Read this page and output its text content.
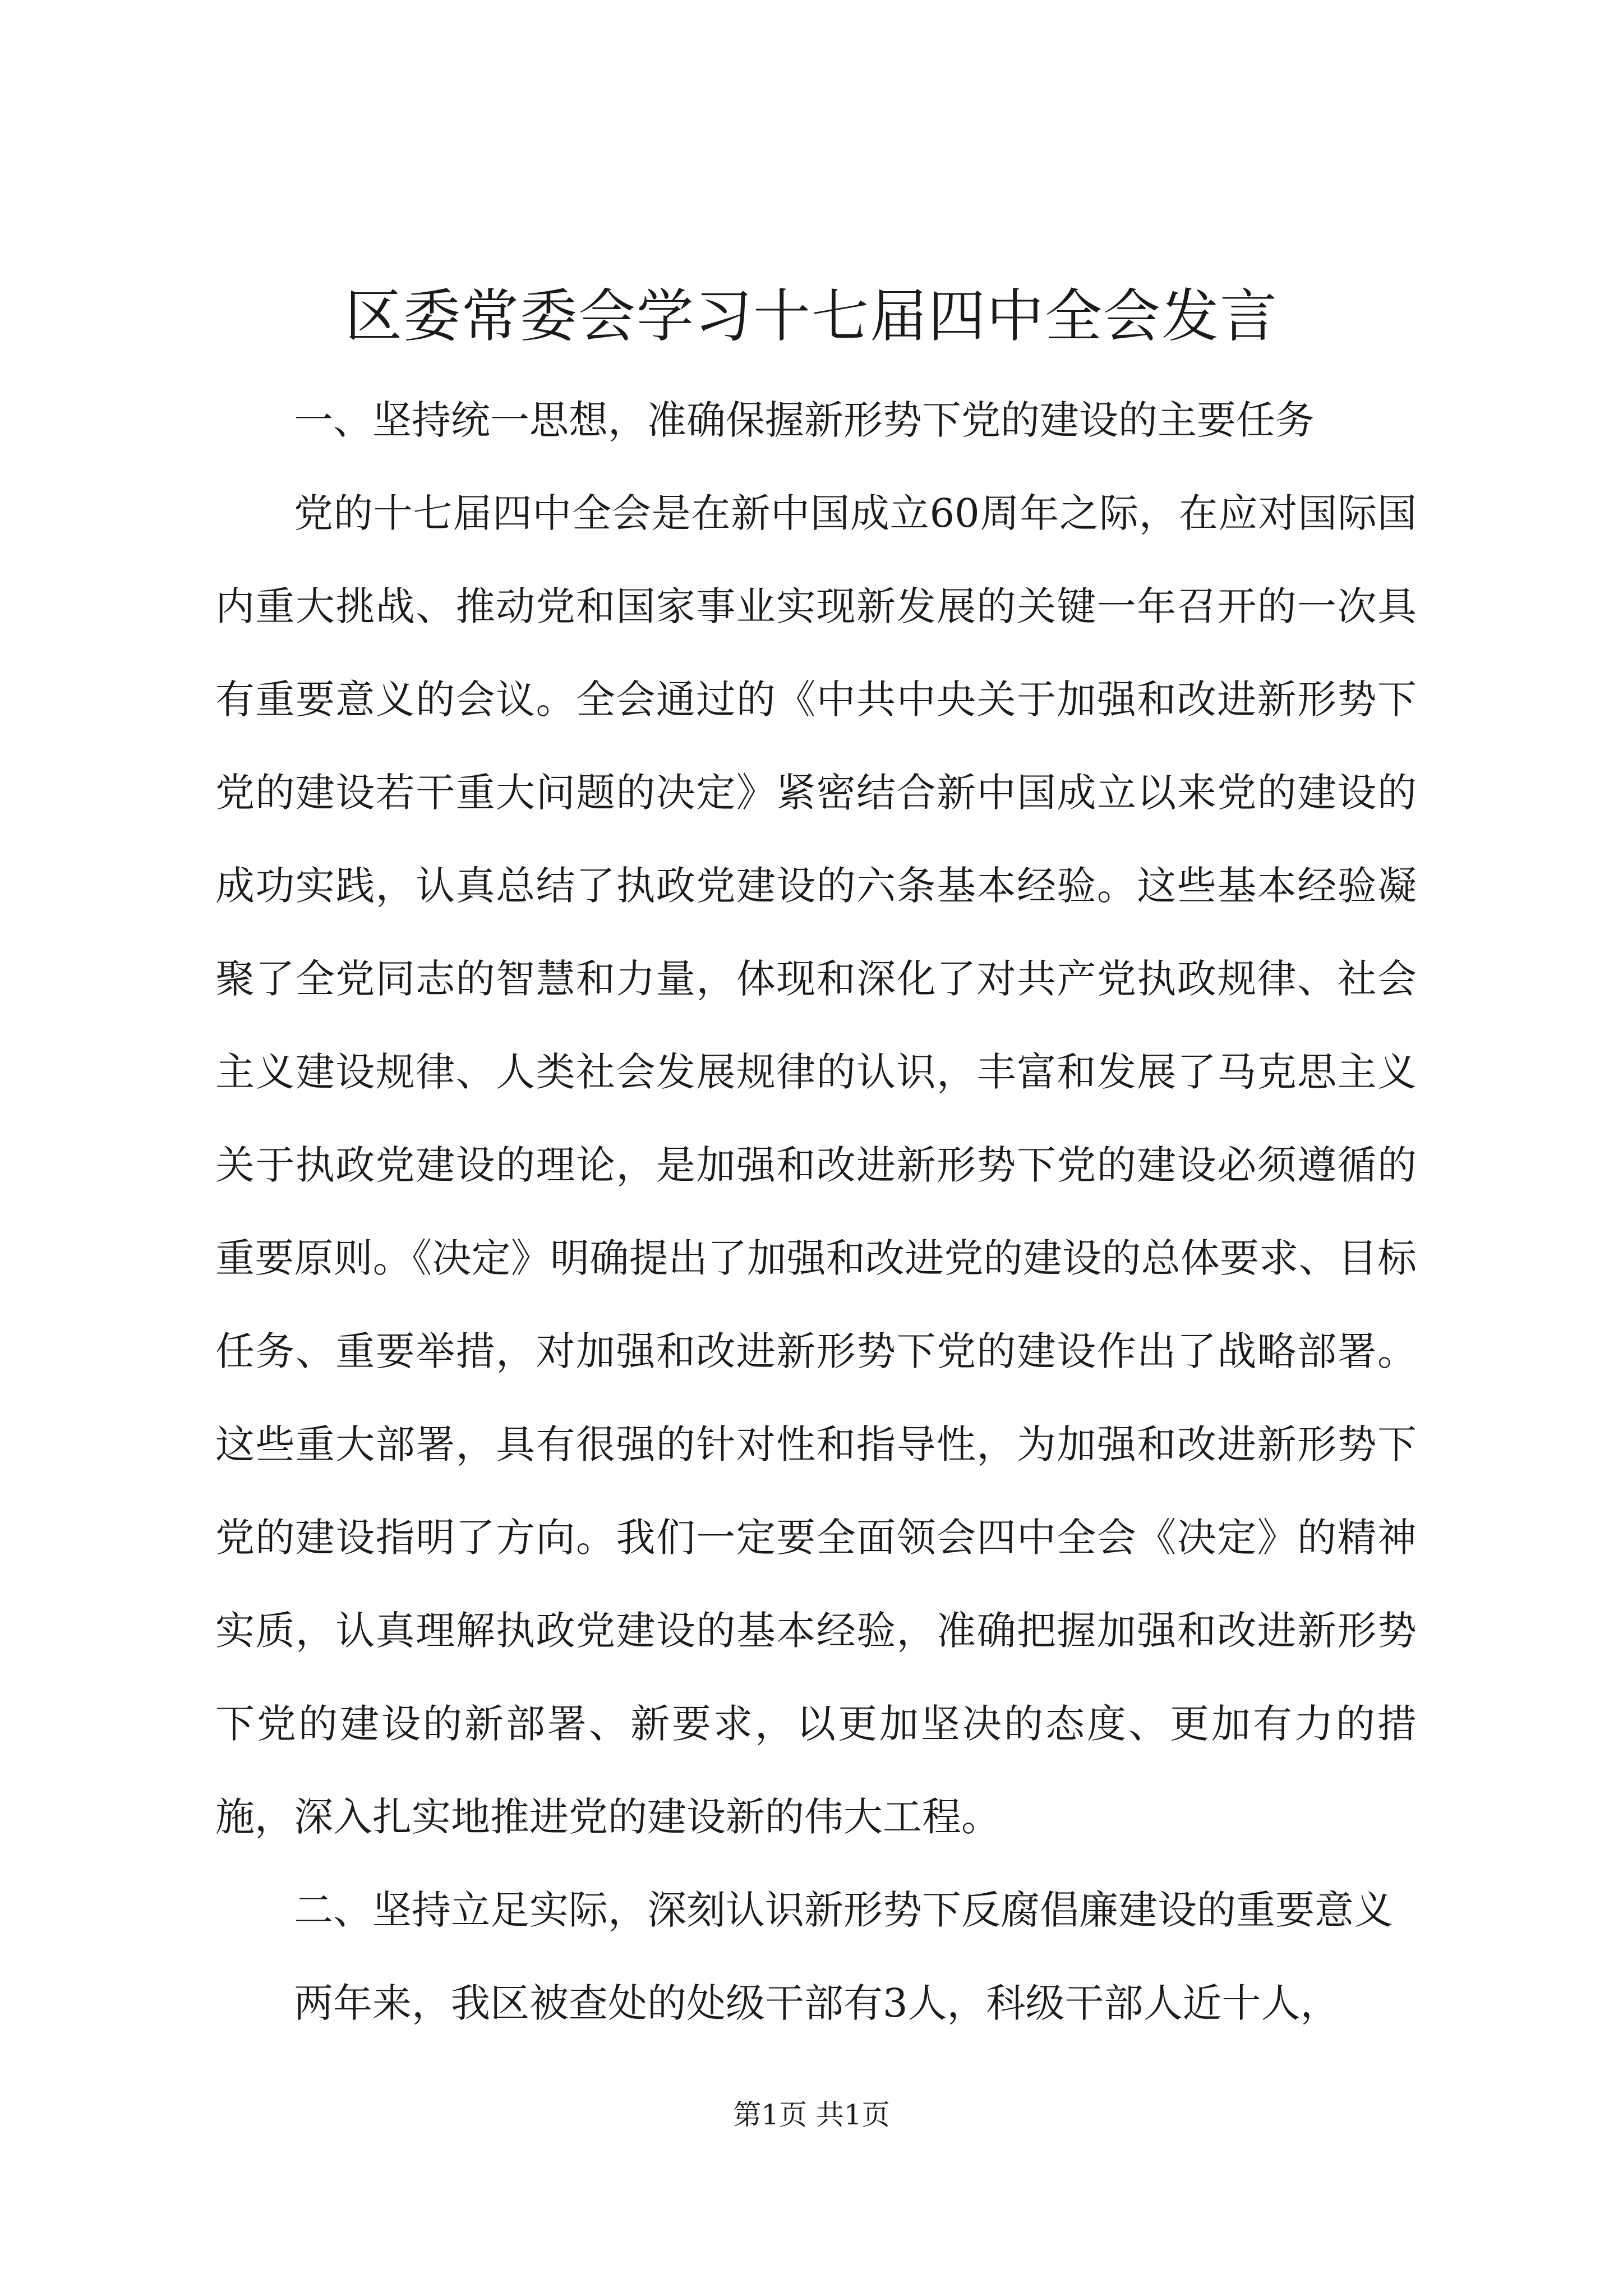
区委常委会学习十七届四中全会发言

一、坚持统一思想，准确保握新形势下党的建设的主要任务

党的十七届四中全会是在新中国成立60周年之际，在应对国际国内重大挑战、推动党和国家事业实现新发展的关键一年召开的一次具有重要意义的会议。全会通过的《中共中央关于加强和改进新形势下党的建设若干重大问题的决定》紧密结合新中国成立以来党的建设的成功实践，认真总结了执政党建设的六条基本经验。这些基本经验凝聚了全党同志的智慧和力量，体现和深化了对共产党执政规律、社会主义建设规律、人类社会发展规律的认识，丰富和发展了马克思主义关于执政党建设的理论，是加强和改进新形势下党的建设必须遵循的重要原则。《决定》明确提出了加强和改进党的建设的总体要求、目标任务、重要举措，对加强和改进新形势下党的建设作出了战略部署。这些重大部署，具有很强的针对性和指导性，为加强和改进新形势下党的建设指明了方向。我们一定要全面领会四中全会《决定》的精神实质，认真理解执政党建设的基本经验，准确把握加强和改进新形势下党的建设的新部署、新要求，以更加坚决的态度、更加有力的措施，深入扎实地推进党的建设新的伟大工程。

二、坚持立足实际，深刻认识新形势下反腐倡廉建设的重要意义

两年来，我区被查处的处级干部有3人，科级干部人近十人，

第1页 共1页
